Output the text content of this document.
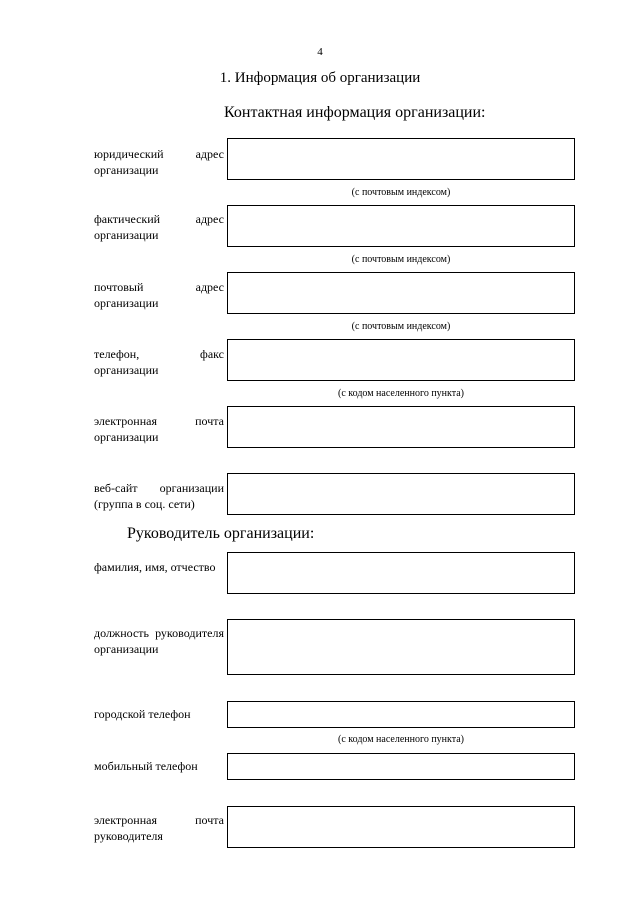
4
1. Информация об организации
Контактная информация организации:
юридический адрес организации
(с почтовым индексом)
фактический адрес организации
(с почтовым индексом)
почтовый адрес организации
(с почтовым индексом)
телефон, факс организации
(с кодом населенного пункта)
электронная почта организации
веб-сайт организации (группа в соц. сети)
Руководитель организации:
фамилия, имя, отчество
должность руководителя организации
городской телефон
(с кодом населенного пункта)
мобильный телефон
электронная почта руководителя
